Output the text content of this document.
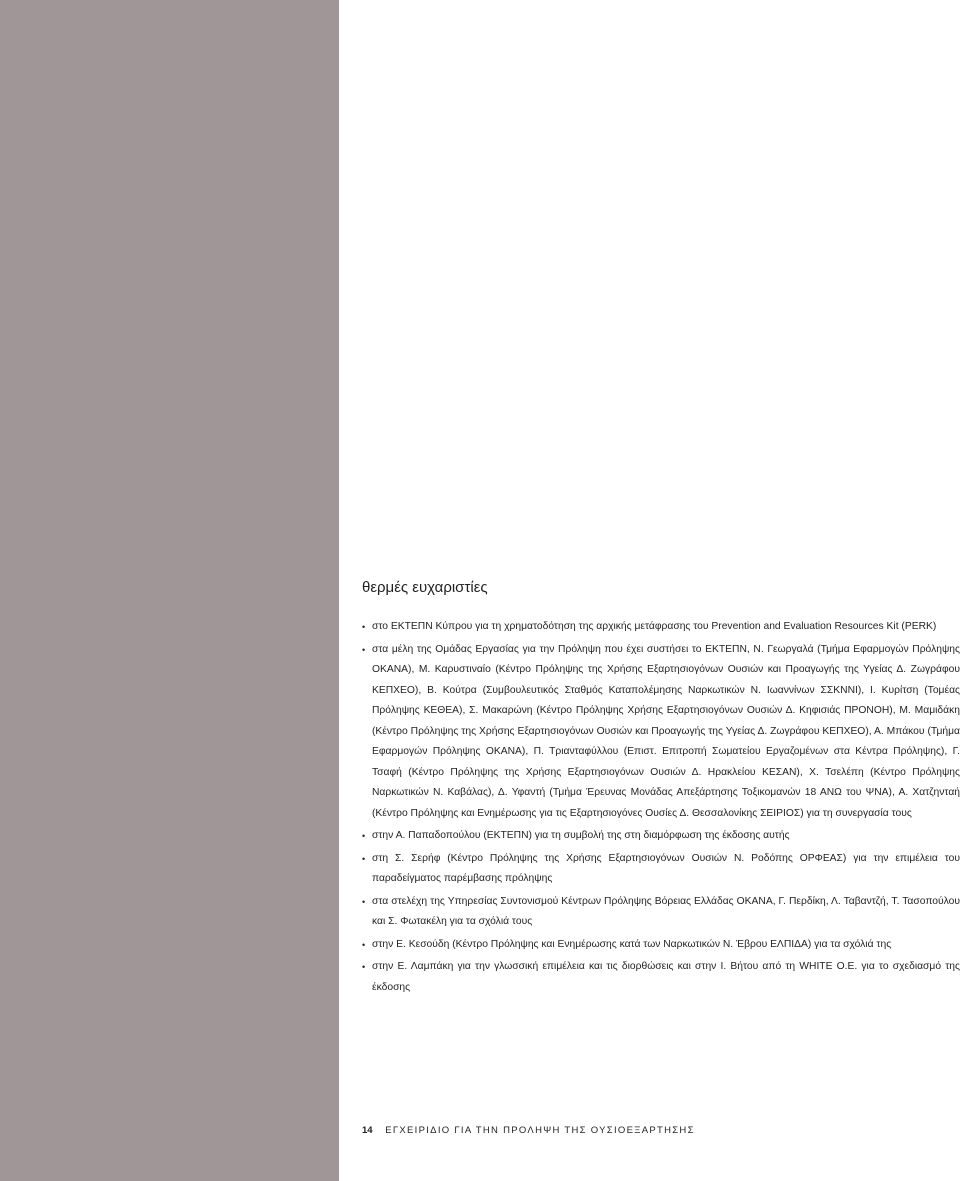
θερμές ευχαριστίες
• στο ΕΚΤΕΠΝ Κύπρου για τη χρηματοδότηση της αρχικής μετάφρασης του Prevention and Evaluation Resources Kit (PERK)
• στα μέλη της Ομάδας Εργασίας για την Πρόληψη που έχει συστήσει το ΕΚΤΕΠΝ, Ν. Γεωργαλά (Τμήμα Εφαρμογών Πρόληψης ΟΚΑΝΑ), Μ. Καρυστιναίο (Κέντρο Πρόληψης της Χρήσης Εξαρτησιογόνων Ουσιών και Προαγωγής της Υγείας Δ. Ζωγράφου ΚΕΠΧΕΟ), Β. Κούτρα (Συμβουλευτικός Σταθμός Καταπολέμησης Ναρκωτικών Ν. Ιωαννίνων ΣΣΚΝΝΙ), Ι. Κυρίτση (Τομέας Πρόληψης ΚΕΘΕΑ), Σ. Μακαρώνη (Κέντρο Πρόληψης Χρήσης Εξαρτησιογόνων Ουσιών Δ. Κηφισιάς ΠΡΟΝΟΗ), Μ. Μαμιδάκη (Κέντρο Πρόληψης της Χρήσης Εξαρτησιογόνων Ουσιών και Προαγωγής της Υγείας Δ. Ζωγράφου ΚΕΠΧΕΟ), Α. Μπάκου (Τμήμα Εφαρμογών Πρόληψης ΟΚΑΝΑ), Π. Τριανταφύλλου (Επιστ. Επιτροπή Σωματείου Εργαζομένων στα Κέντρα Πρόληψης), Γ. Τσαφή (Κέντρο Πρόληψης της Χρήσης Εξαρτησιογόνων Ουσιών Δ. Ηρακλείου ΚΕΣΑΝ), Χ. Τσελέπη (Κέντρο Πρόληψης Ναρκωτικών Ν. Καβάλας), Δ. Υφαντή (Τμήμα Έρευνας Μονάδας Απεξάρτησης Τοξικομανών 18 ΑΝΩ του ΨΝΑ), Α. Χατζηνταή (Κέντρο Πρόληψης και Ενημέρωσης για τις Εξαρτησιογόνες Ουσίες Δ. Θεσσαλονίκης ΣΕΙΡΙΟΣ) για τη συνεργασία τους
• στην Α. Παπαδοπούλου (ΕΚΤΕΠΝ) για τη συμβολή της στη διαμόρφωση της έκδοσης αυτής
• στη Σ. Σερήφ (Κέντρο Πρόληψης της Χρήσης Εξαρτησιογόνων Ουσιών Ν. Ροδόπης ΟΡΦΕΑΣ) για την επιμέλεια του παραδείγματος παρέμβασης πρόληψης
• στα στελέχη της Υπηρεσίας Συντονισμού Κέντρων Πρόληψης Βόρειας Ελλάδας ΟΚΑΝΑ, Γ. Περδίκη, Λ. Ταβαντζή, Τ. Τασοπούλου και Σ. Φωτακέλη για τα σχόλιά τους
• στην Ε. Κεσούδη (Κέντρο Πρόληψης και Ενημέρωσης κατά των Ναρκωτικών Ν. Έβρου ΕΛΠΙΔΑ) για τα σχόλιά της
• στην Ε. Λαμπάκη για την γλωσσική επιμέλεια και τις διορθώσεις και στην Ι. Βήτου από τη WHITE Ο.Ε. για το σχεδιασμό της έκδοσης
14 ΕΓΧΕΙΡΙΔΙΟ ΓΙΑ ΤΗΝ ΠΡΟΛΗΨΗ ΤΗΣ ΟΥΣΙΟΕΞΑΡΤΗΣΗΣ
